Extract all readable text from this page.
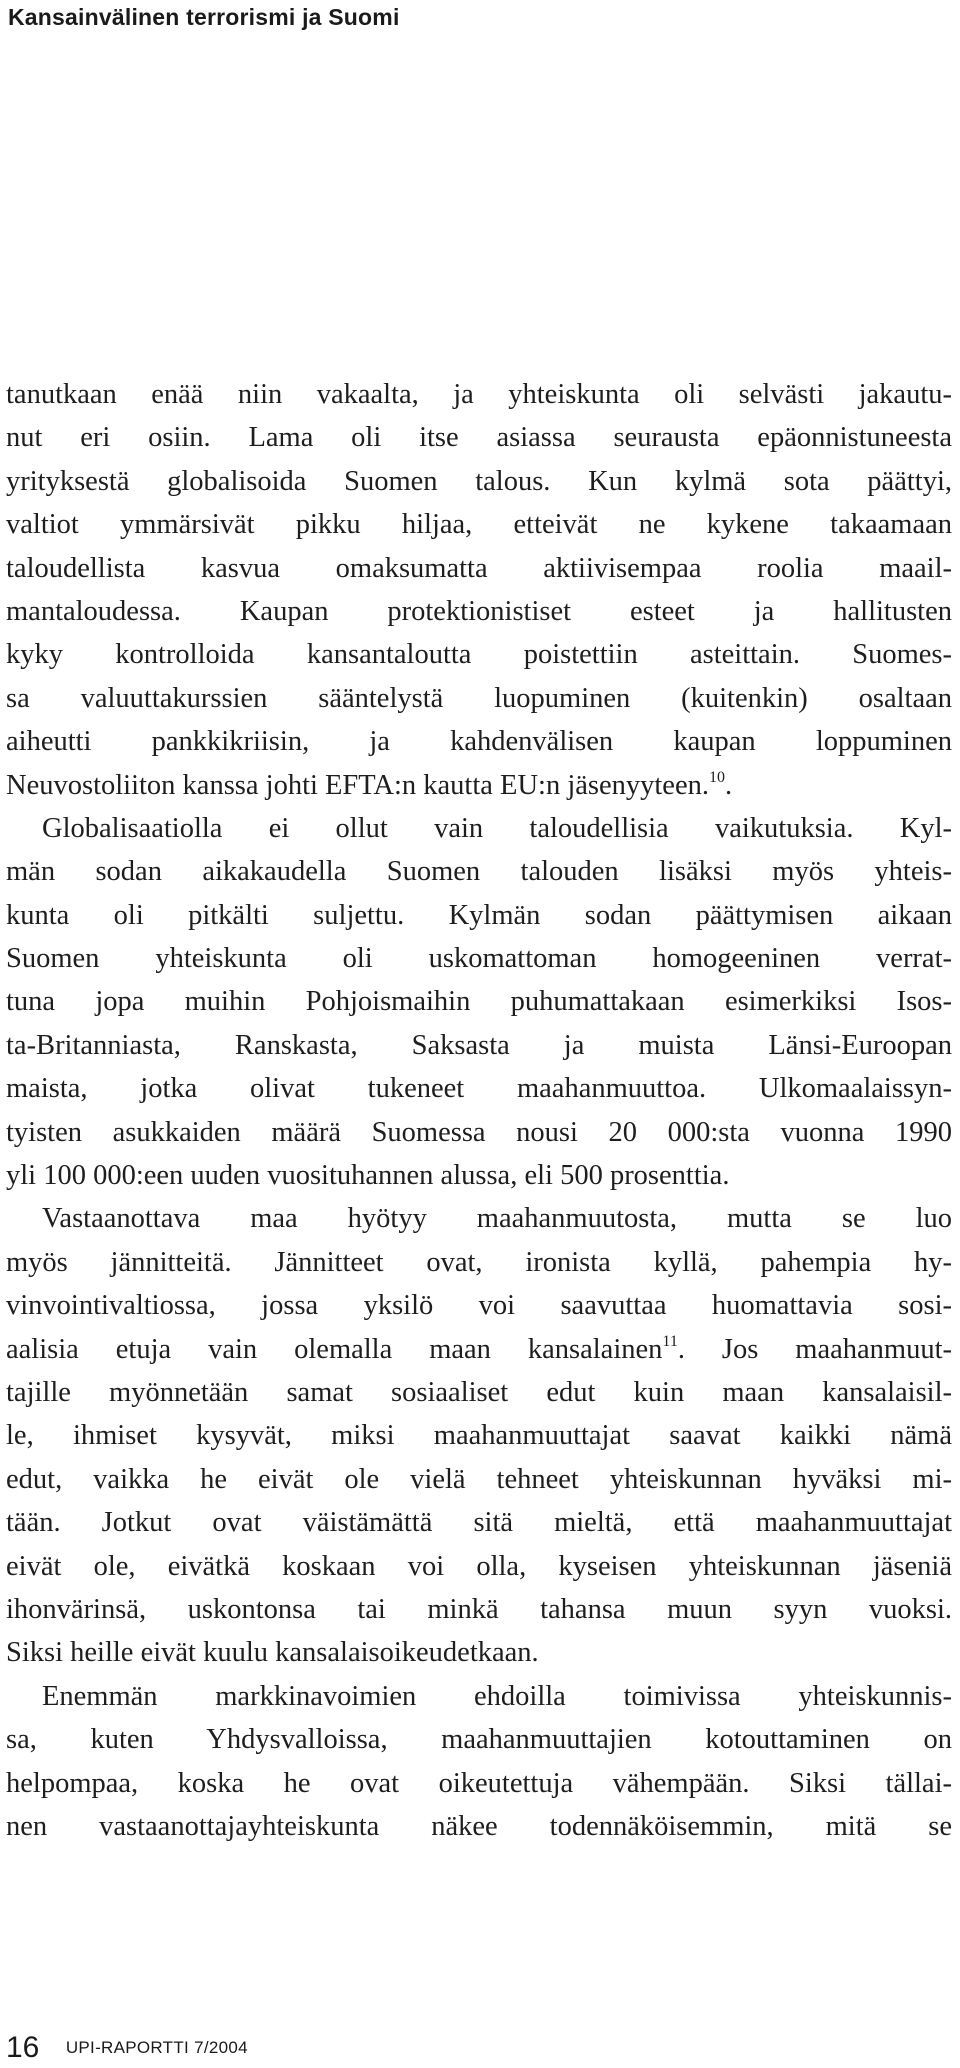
Kansainvälinen terrorismi ja Suomi
tanutkaan enää niin vakaalta, ja yhteiskunta oli selvästi jakautu-
nut eri osiin. Lama oli itse asiassa seurausta epäonnistuneesta
yrityksestä globalisoida Suomen talous. Kun kylmä sota päättyi,
valtiot ymmärsivät pikku hiljaa, etteivät ne kykene takaamaan
taloudellista kasvua omaksumatta aktiivisempaa roolia maail-
mantaloudessa. Kaupan protektionistiset esteet ja hallitusten
kyky kontrolloida kansantaloutta poistettiin asteittain. Suomes-
sa valuuttakurssien sääntelystä luopuminen (kuitenkin) osaltaan
aiheutti pankkikriisin, ja kahdenvälisen kaupan loppuminen
Neuvostoliiton kanssa johti EFTA:n kautta EU:n jäsenyyteen.$^{10}$.
Globalisaatiolla ei ollut vain taloudellisia vaikutuksia. Kyl-
män sodan aikakaudella Suomen talouden lisäksi myös yhteis-
kunta oli pitkälti suljettu. Kylmän sodan päättymisen aikaan
Suomen yhteiskunta oli uskomattoman homogeeninen verrat-
tuna jopa muihin Pohjoismaihin puhumattakaan esimerkiksi Isos-
ta-Britanniasta, Ranskasta, Saksasta ja muista Länsi-Euroopan
maista, jotka olivat tukeneet maahanmuuttoa. Ulkomaalaissyn-
tyisten asukkaiden määrä Suomessa nousi 20 000:sta vuonna 1990
yli 100 000:een uuden vuosituhannen alussa, eli 500 prosenttia.
Vastaanottava maa hyötyy maahanmuutosta, mutta se luo
myös jännitteitä. Jännitteet ovat, ironista kyllä, pahempia hy-
vinvointivaltiossa, jossa yksilö voi saavuttaa huomattavia sosi-
aalisia etuja vain olemalla maan kansalainen$^{11}$. Jos maahanmuut-
tajille myönnetään samat sosiaaliset edut kuin maan kansalaisil-
le, ihmiset kysyvät, miksi maahanmuuttajat saavat kaikki nämä
edut, vaikka he eivät ole vielä tehneet yhteiskunnan hyväksi mi-
tään. Jotkut ovat väistämättä sitä mieltä, että maahanmuuttajat
eivät ole, eivätkä koskaan voi olla, kyseisen yhteiskunnan jäseniä
ihonvärinsä, uskontonsa tai minkä tahansa muun syyn vuoksi.
Siksi heille eivät kuulu kansalaisoikeudetkaan.
Enemmän markkinavoimien ehdoilla toimivissa yhteiskunnis-
sa, kuten Yhdysvalloissa, maahanmuuttajien kotouttaminen on
helpompaa, koska he ovat oikeutettuja vähempään. Siksi tällai-
nen vastaanottajayhteiskunta näkee todennäköisemmin, mitä se
16 UPI-RAPORTTI 7/2004
